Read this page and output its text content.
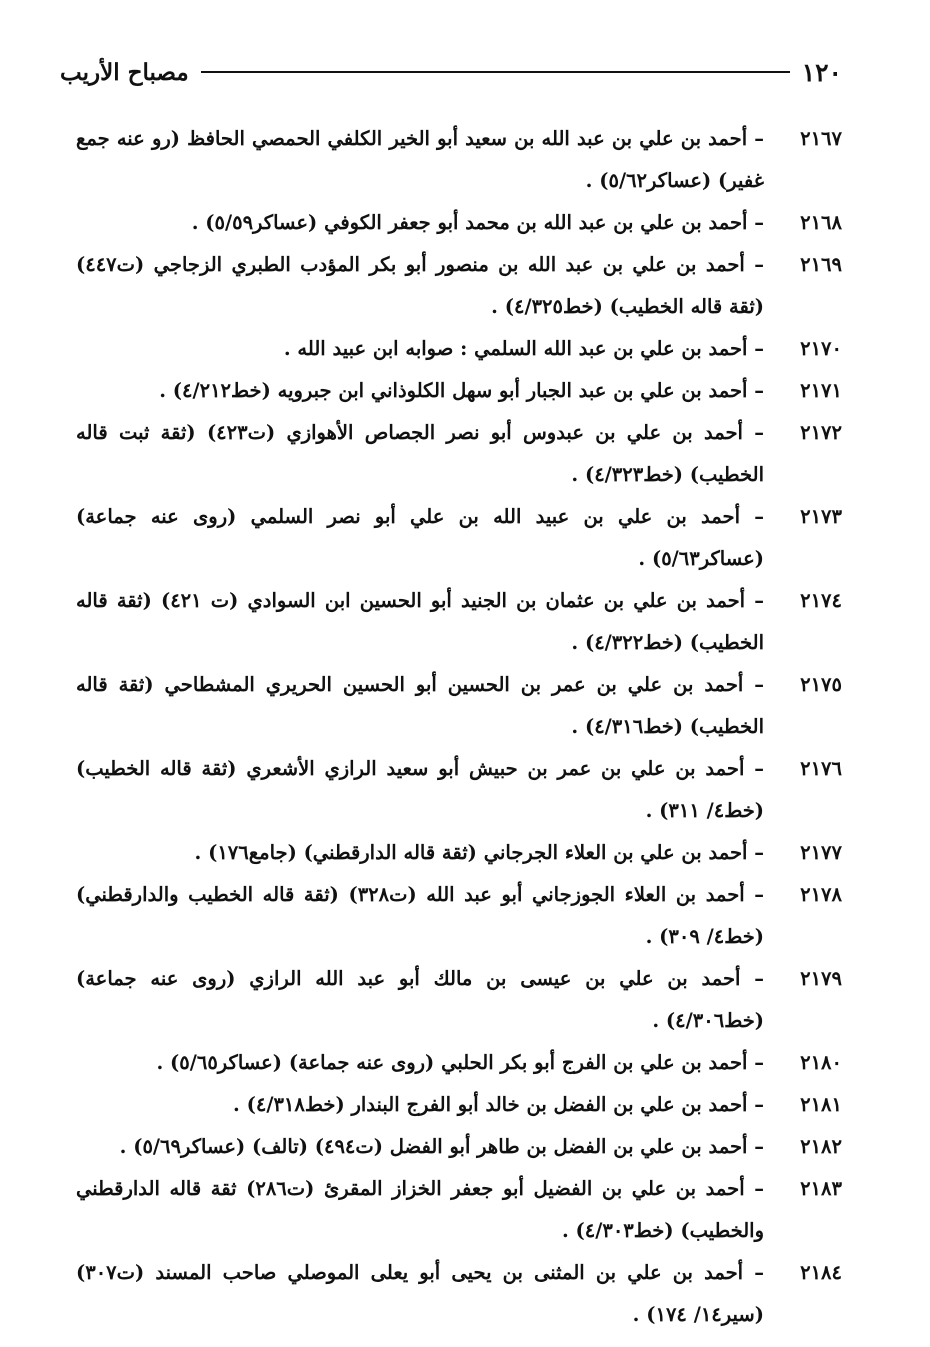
١٢٠
مصباح الأريب

٢١٦٧– أحمد بن علي بن عبد الله بن سعيد أبو الخير الكلفي الحمصي الحافظ (رو عنه جمع غفير) (عساكر٥/٦٢) .

٢١٦٨– أحمد بن علي بن عبد الله بن محمد أبو جعفر الكوفي (عساكر٥/٥٩) .

٢١٦٩– أحمد بن علي بن عبد الله بن منصور أبو بكر المؤدب الطبري الزجاجي (ت٤٤٧) (ثقة قاله الخطيب) (خط٤/٣٢٥) .

٢١٧٠– أحمد بن علي بن عبد الله السلمي : صوابه ابن عبيد الله .

٢١٧١– أحمد بن علي بن عبد الجبار أبو سهل الكلوذاني ابن جبرويه (خط٤/٢١٢) .

٢١٧٢– أحمد بن علي بن عبدوس أبو نصر الجصاص الأهوازي (ت٤٢٣) (ثقة ثبت قاله الخطيب) (خط٤/٣٢٣) .

٢١٧٣– أحمد بن علي بن عبيد الله بن علي أبو نصر السلمي (روى عنه جماعة) (عساكر٥/٦٣) .

٢١٧٤– أحمد بن علي بن عثمان بن الجنيد أبو الحسين ابن السوادي (ت ٤٢١) (ثقة قاله الخطيب) (خط٤/٣٢٢) .

٢١٧٥– أحمد بن علي بن عمر بن الحسين أبو الحسين الحريري المشطاحي (ثقة قاله الخطيب) (خط٤/٣١٦) .

٢١٧٦– أحمد بن علي بن عمر بن حبيش أبو سعيد الرازي الأشعري (ثقة قاله الخطيب) (خط٤/ ٣١١) .

٢١٧٧– أحمد بن علي بن العلاء الجرجاني (ثقة قاله الدارقطني) (جامع١٧٦) .

٢١٧٨– أحمد بن العلاء الجوزجاني أبو عبد الله (ت٣٢٨) (ثقة قاله الخطيب والدارقطني) (خط٤/ ٣٠٩) .

٢١٧٩– أحمد بن علي بن عيسى بن مالك أبو عبد الله الرازي (روى عنه جماعة) (خط٤/٣٠٦) .

٢١٨٠– أحمد بن علي بن الفرج أبو بكر الحلبي (روى عنه جماعة) (عساكر٥/٦٥) .

٢١٨١– أحمد بن علي بن الفضل بن خالد أبو الفرج البندار (خط٤/٣١٨) .

٢١٨٢– أحمد بن علي بن الفضل بن طاهر أبو الفضل (ت٤٩٤) (تالف) (عساكر٥/٦٩) .

٢١٨٣– أحمد بن علي بن الفضيل أبو جعفر الخزاز المقرئ (ت٢٨٦) ثقة قاله الدارقطني والخطيب) (خط٤/٣٠٣) .

٢١٨٤– أحمد بن علي بن المثنى بن يحيى أبو يعلى الموصلي صاحب المسند (ت٣٠٧) (سير١٤/ ١٧٤) .
